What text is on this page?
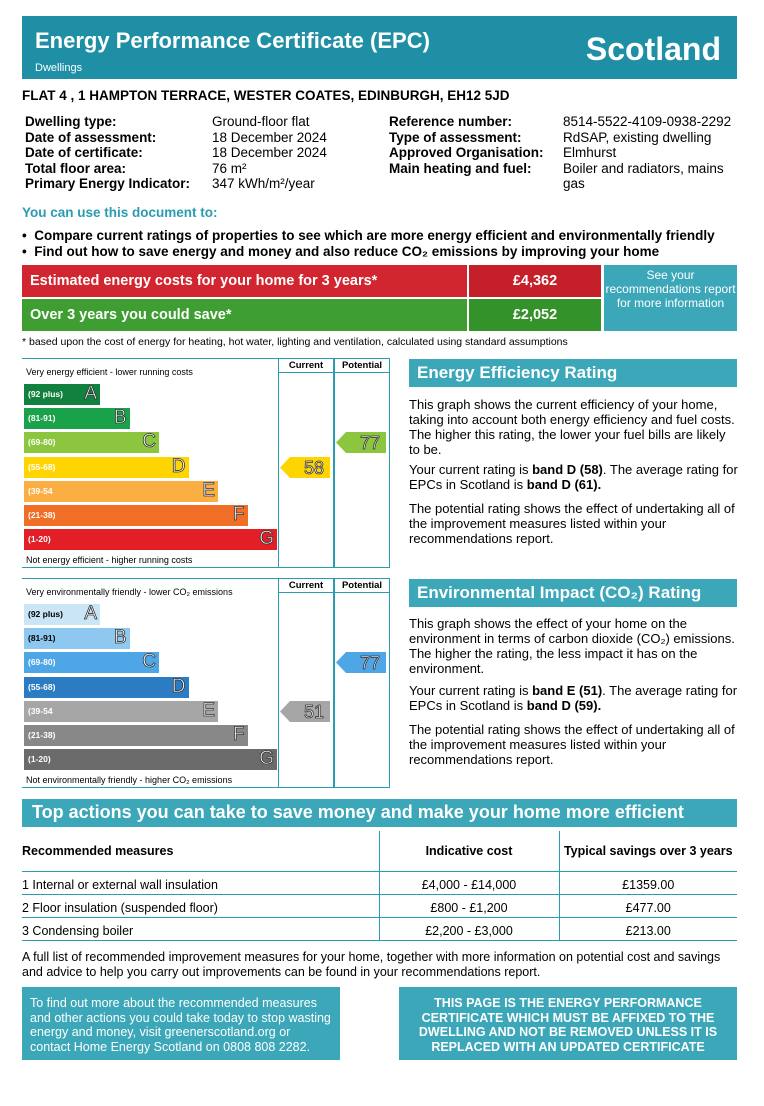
Energy Performance Certificate (EPC)
Dwellings
Scotland
FLAT 4 , 1 HAMPTON TERRACE, WESTER COATES, EDINBURGH, EH12 5JD
Dwelling type:	Ground-floor flat
Date of assessment:	18 December 2024
Date of certificate:	18 December 2024
Total floor area:	76 m²
Primary Energy Indicator: 347 kWh/m²/year
Reference number:	8514-5522-4109-0938-2292
Type of assessment:	RdSAP, existing dwelling
Approved Organisation: Elmhurst
Main heating and fuel: Boiler and radiators, mains
gas
You can use this document to:
•  Compare current ratings of properties to see which are more energy efficient and environmentally friendly
•  Find out how to save energy and money and also reduce CO₂ emissions by improving your home
Estimated energy costs for your home for 3 years*	£4,362
Over 3 years you could save*	£2,052
See your recommendations report for more information
* based upon the cost of energy for heating, hot water, lighting and ventilation, calculated using standard assumptions
Current	Potential
Very energy efficient - lower running costs
Not energy efficient - higher running costs
(92 plus) A
(81-91)	B
(69-80)	C
(55-68)	D
(39-54	E
(21-38)	F
(1-20)	G
58
77
Current	Potential
Very environmentally friendly - lower CO₂ emissions
Not environmentally friendly - higher CO₂ emissions
(92 plus) A
(81-91)	B
(69-80)	C
(55-68)	D
(39-54	E
(21-38)	F
(1-20)	G
51
77
Energy Efficiency Rating
This graph shows the current efficiency of your home, taking into account both energy efficiency and fuel costs. The higher this rating, the lower your fuel bills are likely to be.
Your current rating is band D (58). The average rating for EPCs in Scotland is band D (61).
The potential rating shows the effect of undertaking all of the improvement measures listed within your recommendations report.
Environmental Impact (CO₂) Rating
This graph shows the effect of your home on the environment in terms of carbon dioxide (CO₂) emissions. The higher the rating, the less impact it has on the environment.
Your current rating is band E (51). The average rating for EPCs in Scotland is band D (59).
The potential rating shows the effect of undertaking all of the improvement measures listed within your recommendations report.
Top actions you can take to save money and make your home more efficient
Recommended measures	Indicative cost	Typical savings over 3 years
1 Internal or external wall insulation	£4,000 - £14,000	£1359.00
2 Floor insulation (suspended floor)	£800 - £1,200	£477.00
3 Condensing boiler	£2,200 - £3,000	£213.00
A full list of recommended improvement measures for your home, together with more information on potential cost and savings and advice to help you carry out improvements can be found in your recommendations report.
To find out more about the recommended measures and other actions you could take today to stop wasting energy and money, visit greenerscotland.org or contact Home Energy Scotland on 0808 808 2282.
THIS PAGE IS THE ENERGY PERFORMANCE CERTIFICATE WHICH MUST BE AFFIXED TO THE DWELLING AND NOT BE REMOVED UNLESS IT IS REPLACED WITH AN UPDATED CERTIFICATE
